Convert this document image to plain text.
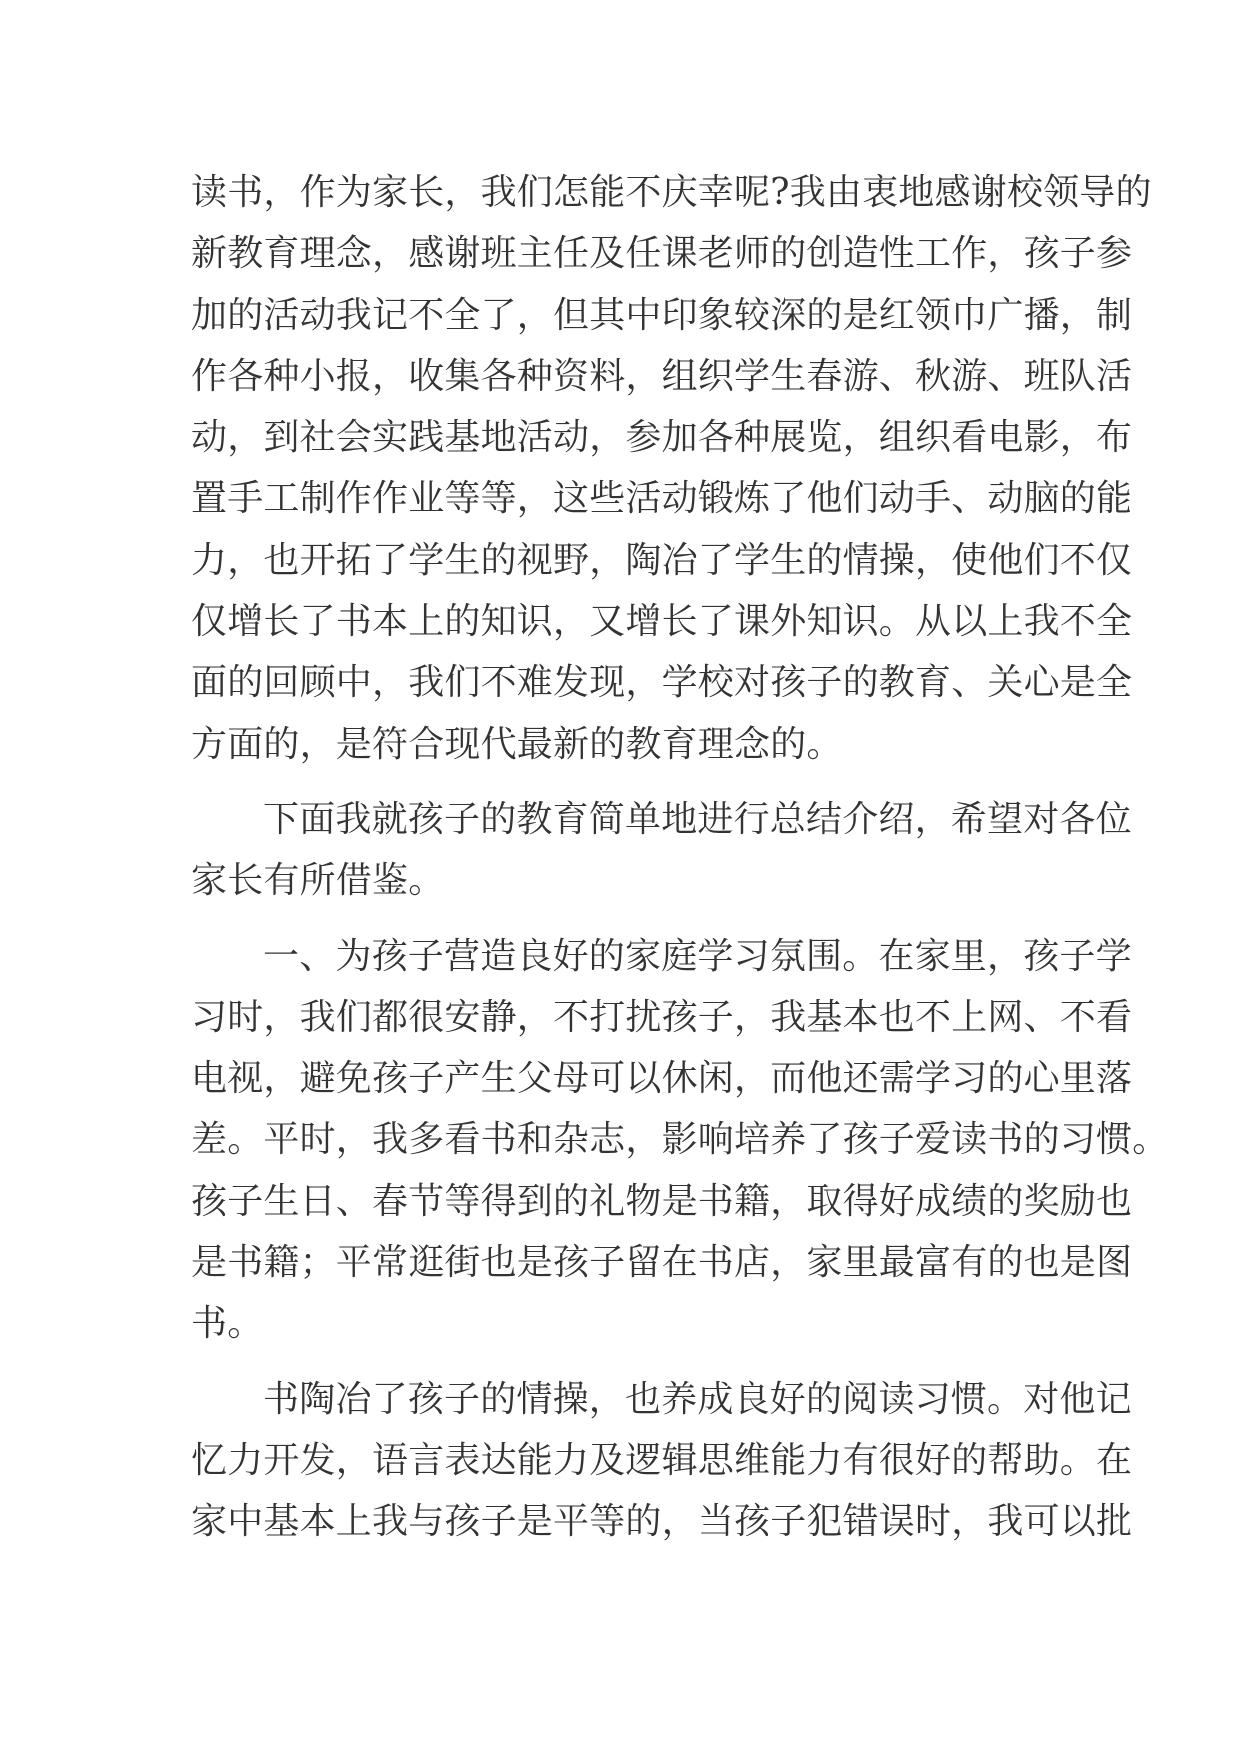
读书，作为家长，我们怎能不庆幸呢?我由衷地感谢校领导的
新教育理念，感谢班主任及任课老师的创造性工作，孩子参
加的活动我记不全了，但其中印象较深的是红领巾广播，制
作各种小报，收集各种资料，组织学生春游、秋游、班队活
动，到社会实践基地活动，参加各种展览，组织看电影，布
置手工制作作业等等，这些活动锻炼了他们动手、动脑的能
力，也开拓了学生的视野，陶冶了学生的情操，使他们不仅
仅增长了书本上的知识，又增长了课外知识。从以上我不全
面的回顾中，我们不难发现，学校对孩子的教育、关心是全
方面的，是符合现代最新的教育理念的。
下面我就孩子的教育简单地进行总结介绍，希望对各位
家长有所借鉴。
一、为孩子营造良好的家庭学习氛围。在家里，孩子学
习时，我们都很安静，不打扰孩子，我基本也不上网、不看
电视，避免孩子产生父母可以休闲，而他还需学习的心里落
差。平时，我多看书和杂志，影响培养了孩子爱读书的习惯。
孩子生日、春节等得到的礼物是书籍，取得好成绩的奖励也
是书籍；平常逛街也是孩子留在书店，家里最富有的也是图
书。
书陶冶了孩子的情操，也养成良好的阅读习惯。对他记
忆力开发，语言表达能力及逻辑思维能力有很好的帮助。在
家中基本上我与孩子是平等的，当孩子犯错误时，我可以批
